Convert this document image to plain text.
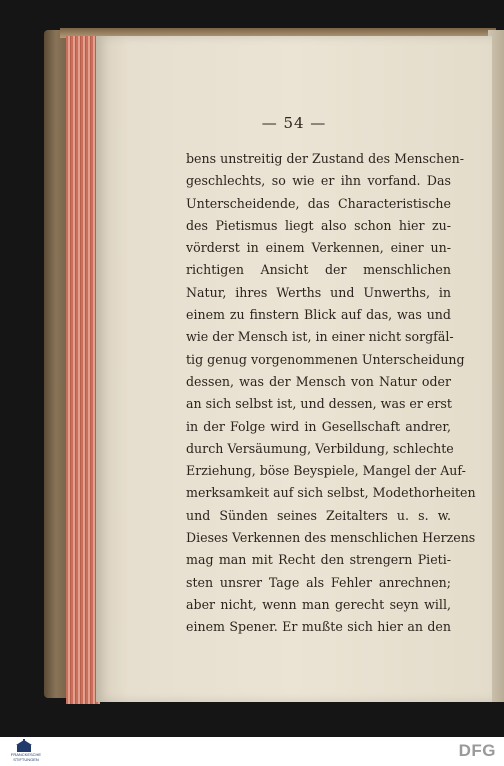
— 54 —
bens unstreitig der Zustand des Menschen-
geschlechts, so wie er ihn vorfand. Das
Unterscheidende, das Characteristische
des Pietismus liegt also schon hier zu-
vörderst in einem Verkennen, einer un-
richtigen Ansicht der menschlichen
Natur, ihres Werths und Unwerths, in
einem zu finstern Blick auf das, was und
wie der Mensch ist, in einer nicht sorgfäl-
tig genug vorgenommenen Unterscheidung
dessen, was der Mensch von Natur oder
an sich selbst ist, und dessen, was er erst
in der Folge wird in Gesellschaft andrer,
durch Versäumung, Verbildung, schlechte
Erziehung, böse Beyspiele, Mangel der Auf-
merksamkeit auf sich selbst, Modethorheiten
und Sünden seines Zeitalters u. s. w.
Dieses Verkennen des menschlichen Herzens
mag man mit Recht den strengern Pieti-
sten unsrer Tage als Fehler anrechnen;
aber nicht, wenn man gerecht seyn will,
einem Spener. Er mußte sich hier an den
FRANCKESCHE
STIFTUNGEN	DFG
